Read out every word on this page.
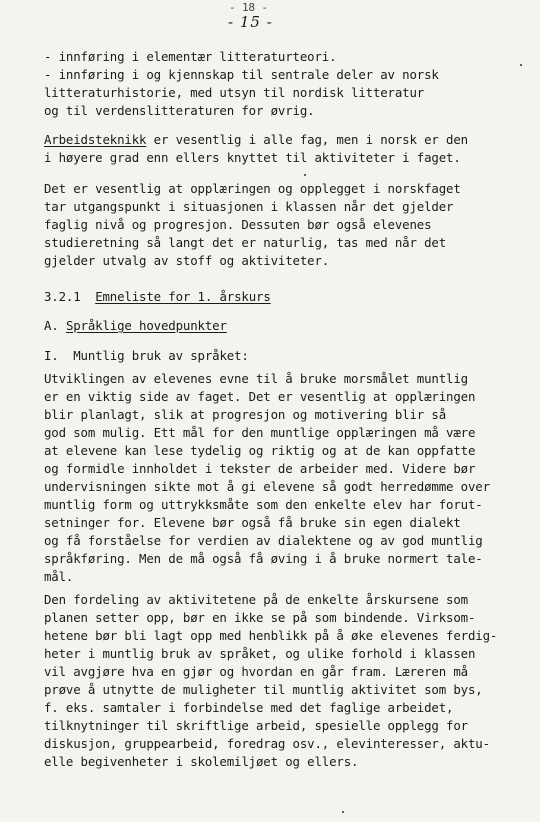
- 18 -
- 15 -
- innføring i elementær litteraturteori.
- innføring i og kjennskap til sentrale deler av norsk
litteraturhistorie, med utsyn til nordisk litteratur
og til verdenslitteraturen for øvrig.
Arbeidsteknikk er vesentlig i alle fag, men i norsk er den
i høyere grad enn ellers knyttet til aktiviteter i faget.
Det er vesentlig at opplæringen og opplegget i norskfaget
tar utgangspunkt i situasjonen i klassen når det gjelder
faglig nivå og progresjon. Dessuten bør også elevenes
studieretning så langt det er naturlig, tas med når det
gjelder utvalg av stoff og aktiviteter.
3.2.1 Emneliste for 1. årskurs
A. Språklige hovedpunkter
I. Muntlig bruk av språket:
Utviklingen av elevenes evne til å bruke morsmålet muntlig
er en viktig side av faget. Det er vesentlig at opplæringen
blir planlagt, slik at progresjon og motivering blir så
god som mulig. Ett mål for den muntlige opplæringen må være
at elevene kan lese tydelig og riktig og at de kan oppfatte
og formidle innholdet i tekster de arbeider med. Videre bør
undervisningen sikte mot å gi elevene så godt herredømme over
muntlig form og uttrykksmåte som den enkelte elev har forut-
setninger for. Elevene bør også få bruke sin egen dialekt
og få forståelse for verdien av dialektene og av god muntlig
språkføring. Men de må også få øving i å bruke normert tale-
mål.
Den fordeling av aktivitetene på de enkelte årskursene som
planen setter opp, bør en ikke se på som bindende. Virksom-
hetene bør bli lagt opp med henblikk på å øke elevenes ferdig-
heter i muntlig bruk av språket, og ulike forhold i klassen
vil avgjøre hva en gjør og hvordan en går fram. Læreren må
prøve å utnytte de muligheter til muntlig aktivitet som bys,
f. eks. samtaler i forbindelse med det faglige arbeidet,
tilknytninger til skriftlige arbeid, spesielle opplegg for
diskusjon, gruppearbeid, foredrag osv., elevinteresser, aktu-
elle begivenheter i skolemiljøet og ellers.
